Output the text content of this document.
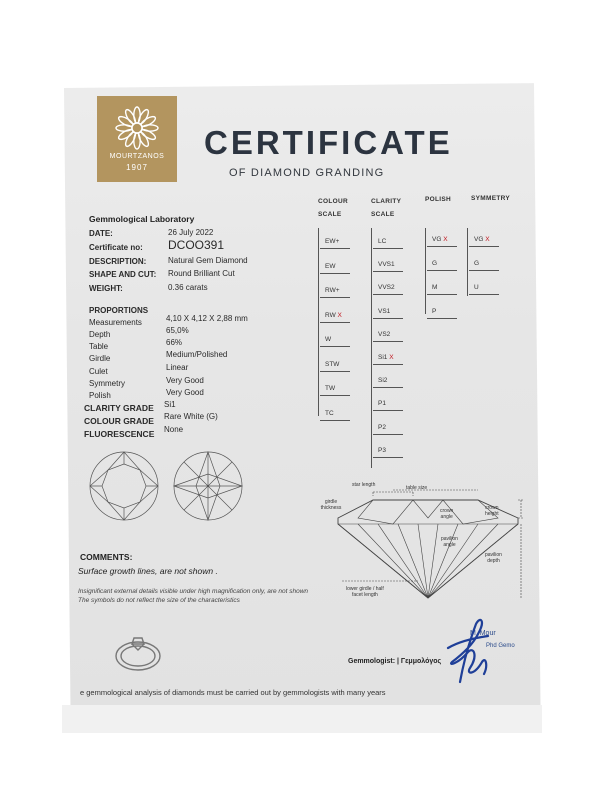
MOURTZANOS
1907
CERTIFICATE
OF DIAMOND GRANDING
Gemmological Laboratory
DATE:	26 July 2022
Certificate no: DCOO391
DESCRIPTION:	Natural Gem Diamond
SHAPE AND CUT: Round Brilliant Cut
WEIGHT:	0.36 carats
PROPORTIONS
Measurements	4,10 X 4,12 X 2,88 mm
Depth	65,0%
Table	66%
Girdle	Medium/Polished
Culet	Linear
Symmetry	Very Good
Polish	Very Good
CLARITY GRADE Si1
COLOUR GRADE Rare White (G)
FLUORESCENCE None
COLOUR
SCALE
CLARITY
SCALE
POLISH	SYMMETRY
EW+
EW
RW+
RW X
W
STW
TW
TC
LC
VVS1
VVS2
VS1
VS2
Si1 X
Si2
P1
P2
P3
VG X
G
M
P
VG X
G
U
star length	table size
girdle
thickness	crown
angle
crown
height
pavilion
angle
pavilion
depth
lower girdle / half
facet length
COMMENTS:
Surface growth lines, are not shown .
Insignificant external details visible under high magnification only, are not shown The symbols do not reflect the size of the characteristics
Gemmologist: | Γεμμολόγος
M. Mour
Phd Gemo
e gemmological analysis of diamonds must be carried out by gemmologists with many years
